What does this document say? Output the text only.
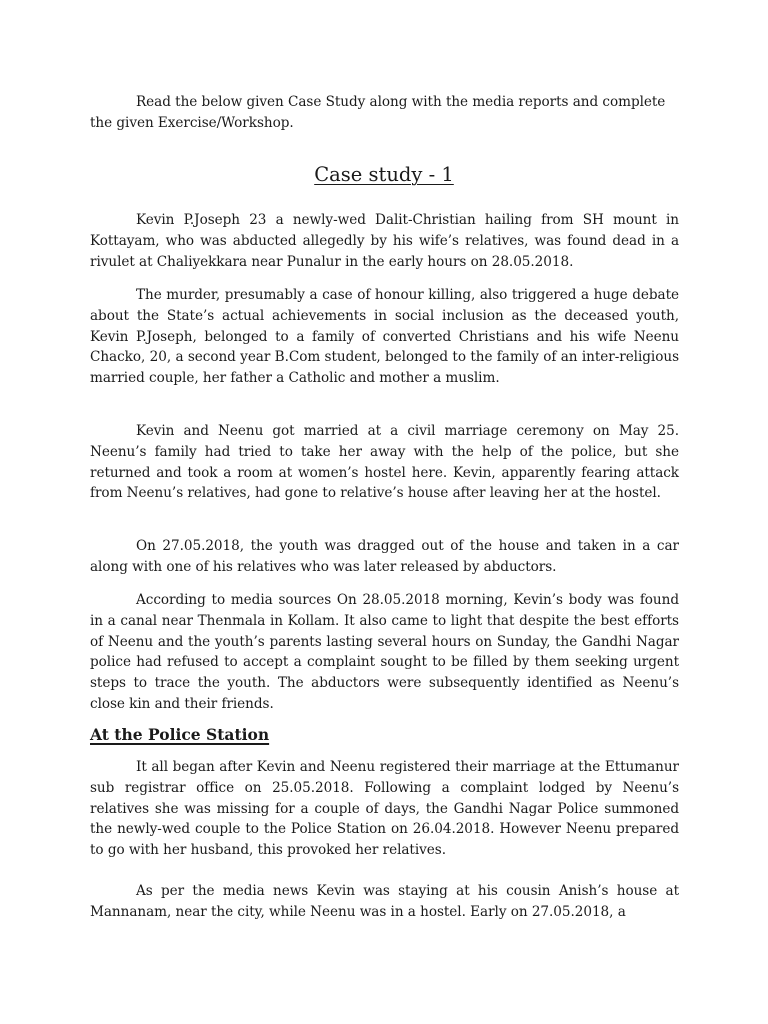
Read the below given Case Study along with the media reports and complete the given Exercise/Workshop.

Case study - 1

Kevin P.Joseph 23 a newly-wed Dalit-Christian hailing from SH mount in Kottayam, who was abducted allegedly by his wife’s relatives, was found dead in a rivulet at Chaliyekkara near Punalur in the early hours on 28.05.2018.

The murder, presumably a case of honour killing, also triggered a huge debate about the State’s actual achievements in social inclusion as the deceased youth, Kevin P.Joseph, belonged to a family of converted Christians and his wife Neenu Chacko, 20, a second year B.Com student, belonged to the family of an inter-religious married couple, her father a Catholic and mother a muslim.

Kevin and Neenu got married at a civil marriage ceremony on May 25. Neenu’s family had tried to take her away with the help of the police, but she returned and took a room at women’s hostel here. Kevin, apparently fearing attack from Neenu’s relatives, had gone to relative’s house after leaving her at the hostel.

On 27.05.2018, the youth was dragged out of the house and taken in a car along with one of his relatives who was later released by abductors.

According to media sources On 28.05.2018 morning, Kevin’s body was found in a canal near Thenmala in Kollam. It also came to light that despite the best efforts of Neenu and the youth’s parents lasting several hours on Sunday, the Gandhi Nagar police had refused to accept a complaint sought to be filled by them seeking urgent steps to trace the youth. The abductors were subsequently identified as Neenu’s close kin and their friends.

At the Police Station

It all began after Kevin and Neenu registered their marriage at the Ettumanur sub registrar office on 25.05.2018. Following a complaint lodged by Neenu’s relatives she was missing for a couple of days, the Gandhi Nagar Police summoned the newly-wed couple to the Police Station on 26.04.2018. However Neenu prepared to go with her husband, this provoked her relatives.

As per the media news Kevin was staying at his cousin Anish’s house at Mannanam, near the city, while Neenu was in a hostel. Early on 27.05.2018, a
